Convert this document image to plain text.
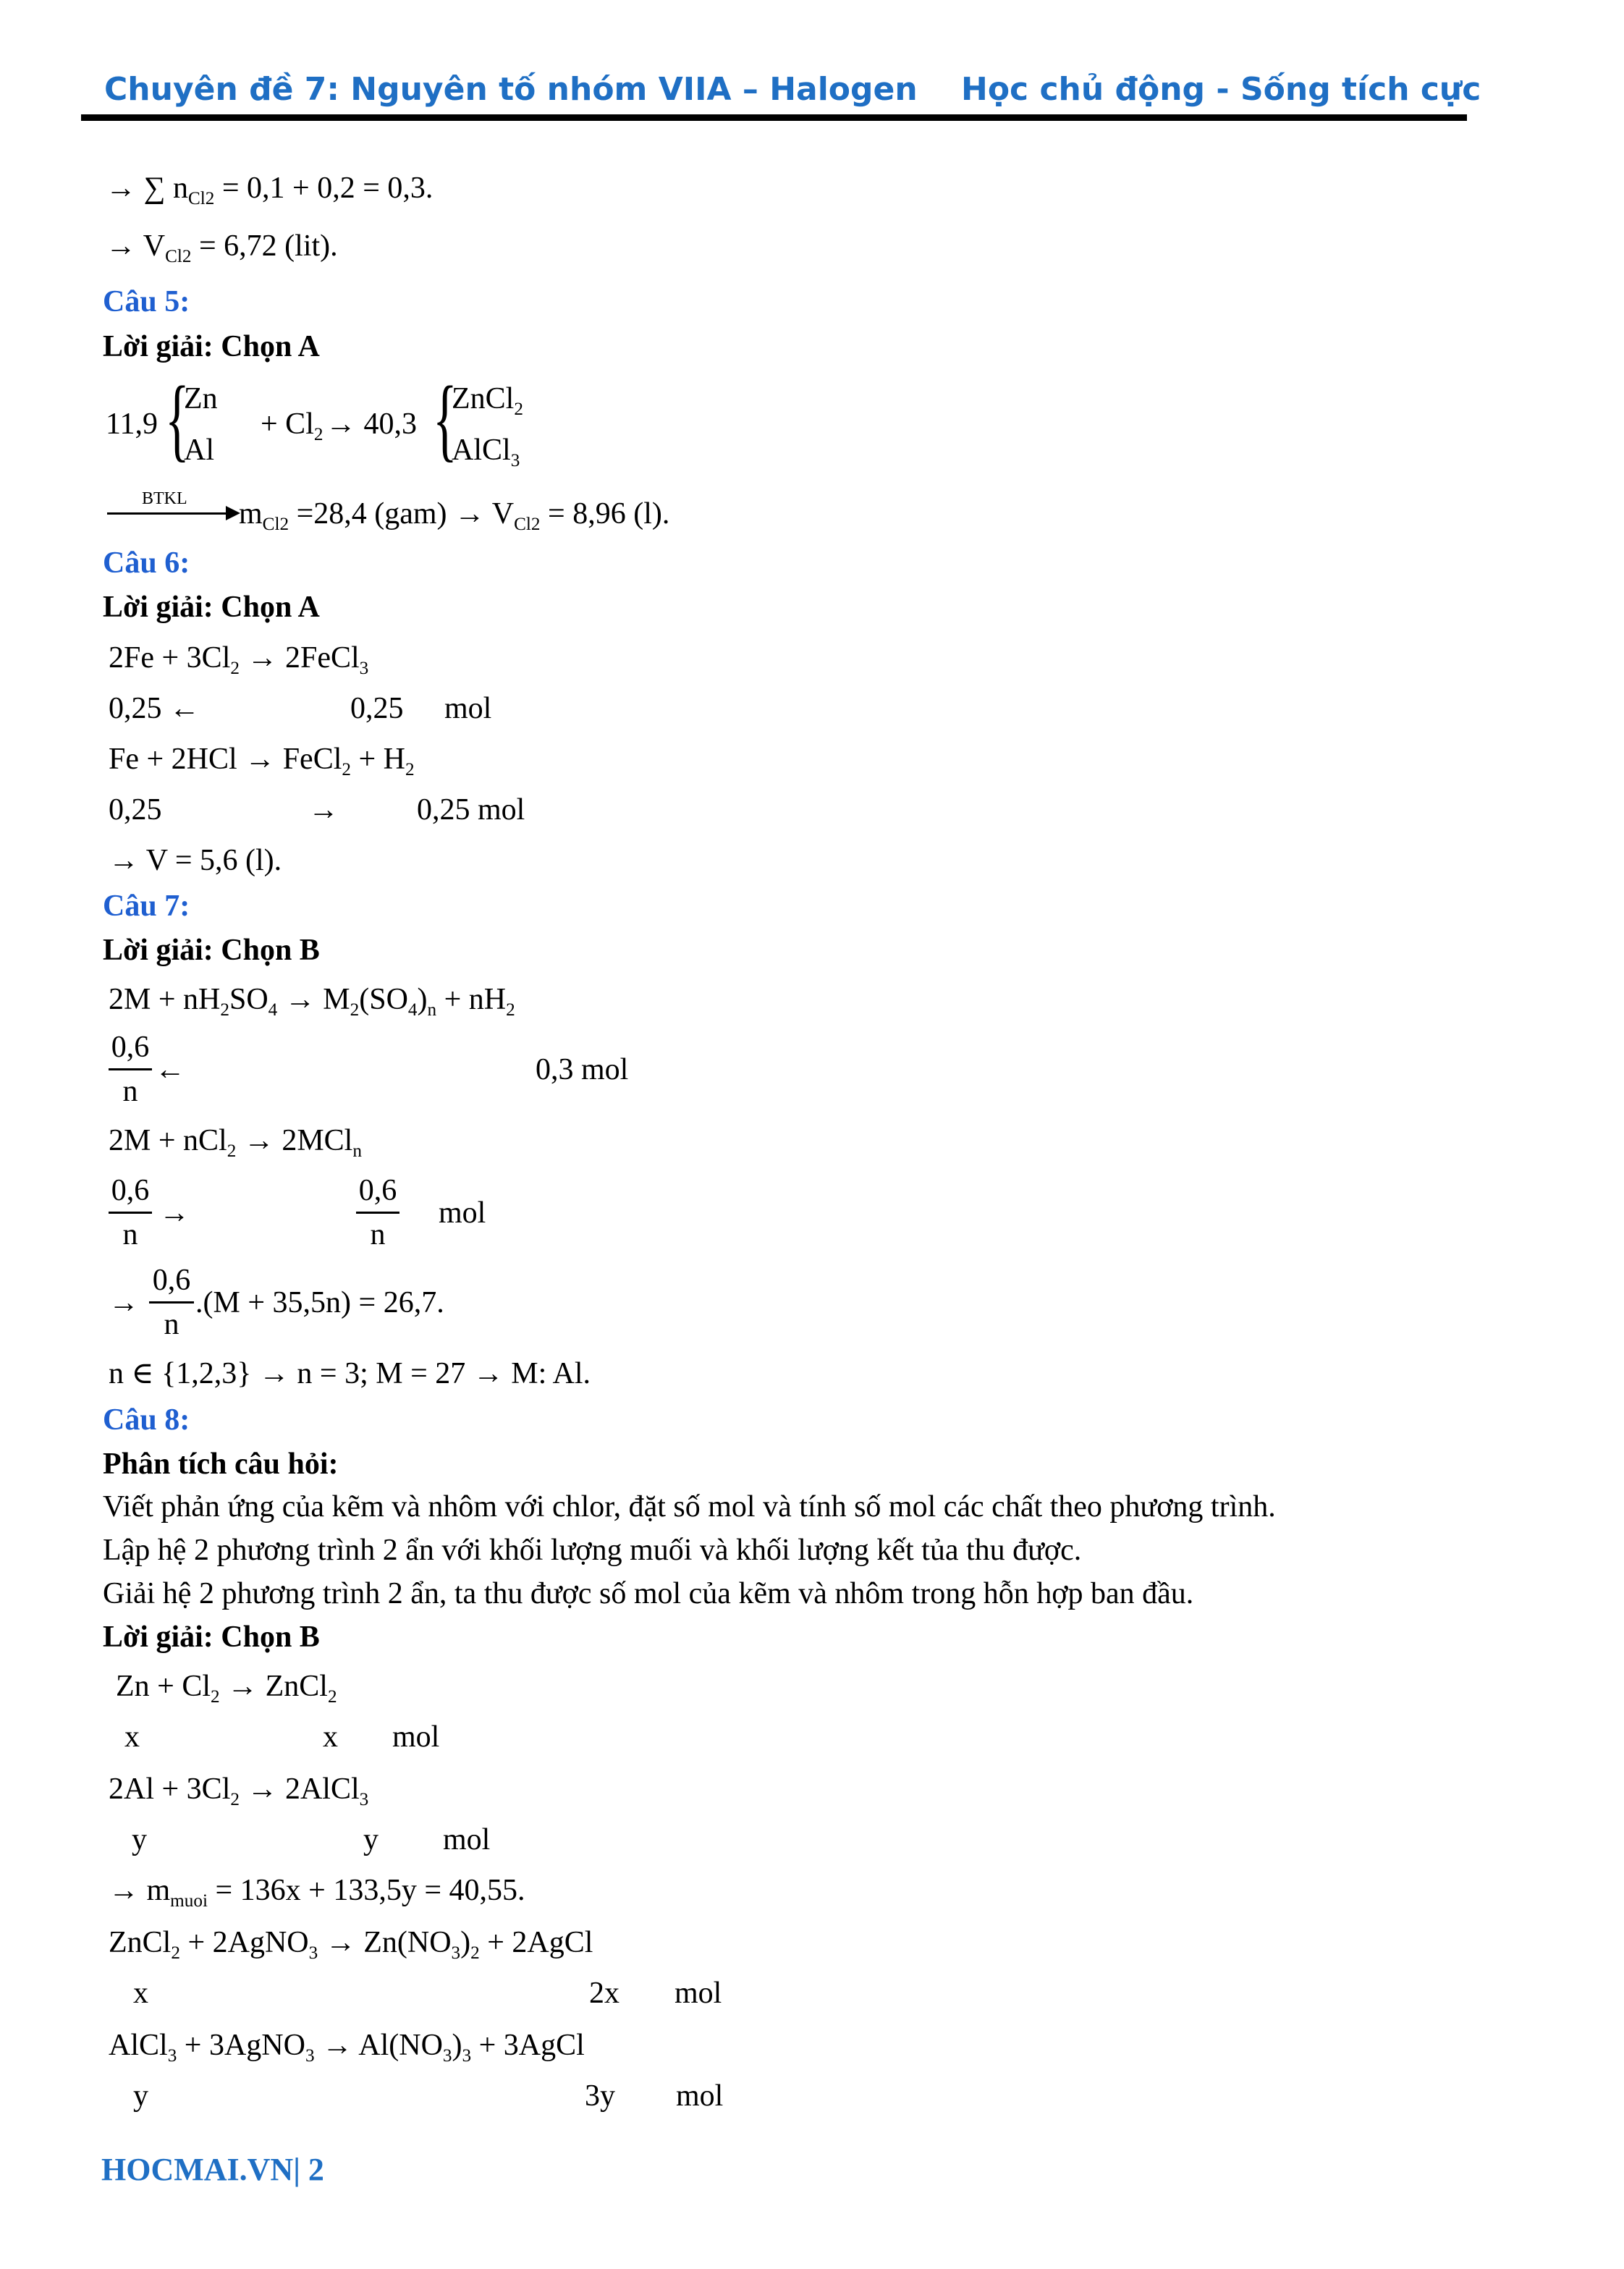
Chuyên đề 7: Nguyên tố nhóm VIIA – Halogen Học chủ động - Sống tích cực
→ ∑ $n_{Cl2} = 0,1 + 0,2 = 0,3$.
→ $V_{Cl2} = 6,72$ (lit).
Câu 5:
Lời giải: Chọn A
11,9 {
Zn
Al
+ $Cl_2 \to 40,3$ {
ZnCl$_2$
AlCl$_3$
BTKL $m_{Cl2} =28,4$ $(gam) \to V_{Cl2} = 8,96$ (l).
Câu 6:
Lời giải: Chọn A
$2Fe + 3Cl_2$ → 2FeCl$_3$
0,25 ←	0,25 mol
Fe + 2HCl → FeCl$_2$ + $H_2$
0,25	→	0,25 mol
→ V = 5,6 (l).
Câu 7:
Lời giải: Chọn B
$2M + nH_2SO_4 \to M_2(SO_4)_n + nH_2$
0,6
n
←	0,3 mol
2M + nCl$_2$ → 2MCl$_n$
0,6
n
→
0,6
n
mol
→
0,6
n
.(M + 35,5n) = 26,7.
n ∈ {1,2,3} → n = 3; M = 27 → M: Al.
Câu 8:
Phân tích câu hỏi:
Viết phản ứng của kẽm và nhôm với chlor, đặt số mol và tính số mol các chất theo phương trình.
Lập hệ 2 phương trình 2 ẩn với khối lượng muối và khối lượng kết tủa thu được.
Giải hệ 2 phương trình 2 ẩn, ta thu được số mol của kẽm và nhôm trong hỗn hợp ban đầu.
Lời giải: Chọn B
$Zn + Cl_2$ → ZnCl$_2$
x	x mol
$2Al + 3Cl_2$ → 2AlCl$_3$
y	y mol
→ $m_{muoi} = 136x + 133,5y = 40,55$.
ZnCl$_2$ + 2AgNO$_3$ → $Zn(NO_3)_2$ + 2AgCl
x	2x mol
AlCl$_3$ + 3AgNO$_3$ → $Al(NO_3)_3$ + 3AgCl
y	3y mol
HOCMAI.VN| 2
